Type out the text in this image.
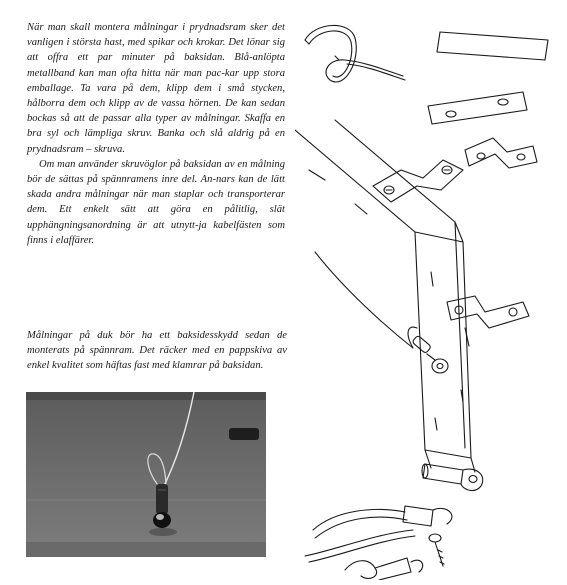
När man skall montera målningar i prydnadsram sker det vanligen i största hast, med spikar och krokar. Det lönar sig att offra ett par minuter på baksidan. Blå-anlöpta metallband kan man ofta hitta när man pac-kar upp stora emballage. Ta vara på dem, klipp dem i små stycken, hålborra dem och klipp av de vassa hörnen. De kan sedan bockas så att de passar alla typer av målningar. Skaffa en bra syl och lämpliga skruv. Banka och slå aldrig på en prydnadsram – skruva.

Om man använder skruvöglor på baksidan av en målning bör de sättas på spännramens inre del. An-nars kan de lätt skada andra målningar när man staplar och transporterar dem. Ett enkelt sätt att göra en pålitlig, slät upphängningsanordning är att utnytt-ja kabelfästen som finns i elaffärer.

Målningar på duk bör ha ett baksidesskydd sedan de monterats på spännram. Det räcker med en pappskiva av enkel kvalitet som häftas fast med klamrar på baksidan.
